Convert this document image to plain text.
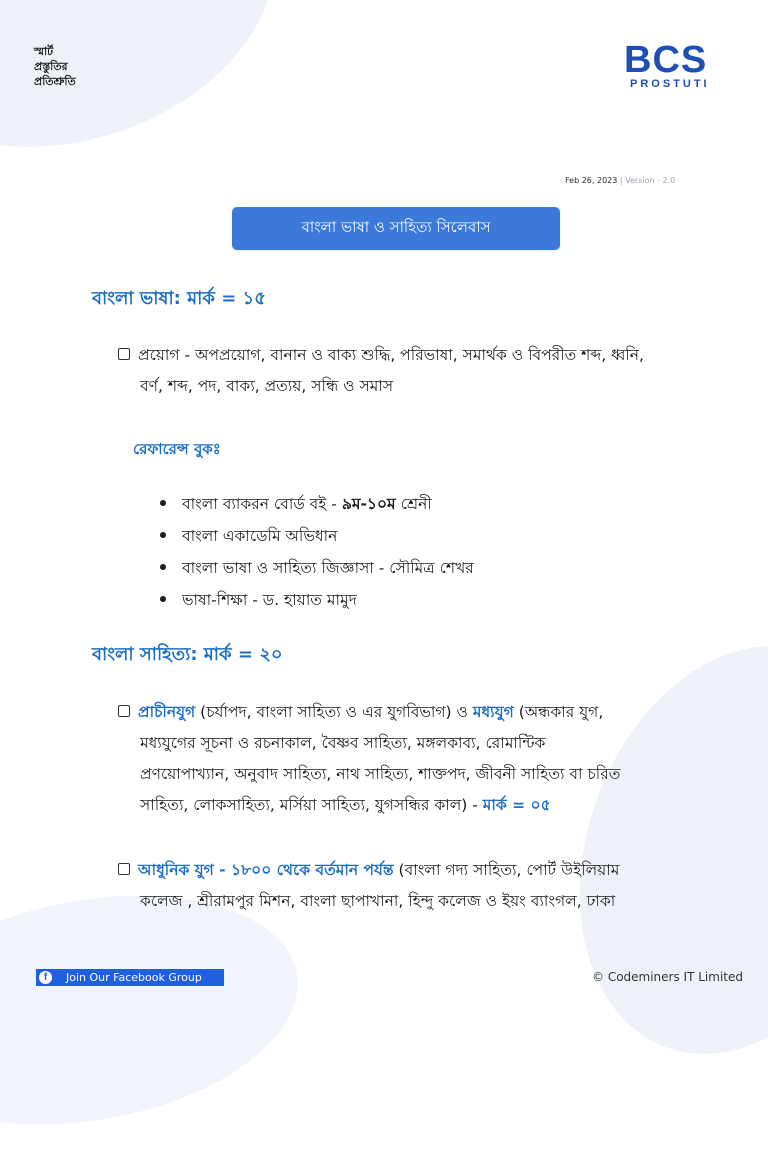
স্মার্ট
প্রস্তুতির
প্রতিশ্রুতি
BCS
PROSTUTI
Feb 26, 2023 | Version - 2.0
বাংলা ভাষা ও সাহিত্য সিলেবাস
বাংলা ভাষা: মার্ক = ১৫
প্রয়োগ - অপপ্রয়োগ, বানান ও বাক্য শুদ্ধি, পরিভাষা, সমার্থক ও বিপরীত শব্দ, ধ্বনি,
বর্ণ, শব্দ, পদ, বাক্য, প্রত্যয়, সন্ধি ও সমাস
রেফারেন্স বুকঃ
বাংলা ব্যাকরন বোর্ড বই - ৯ম-১০ম শ্রেনী
বাংলা একাডেমি অভিধান
বাংলা ভাষা ও সাহিত্য জিজ্ঞাসা - সৌমিত্র শেখর
ভাষা-শিক্ষা - ড. হায়াত মামুদ
বাংলা সাহিত্য: মার্ক = ২০
প্রাচীনযুগ (চর্যাপদ, বাংলা সাহিত্য ও এর যুগবিভাগ) ও মধ্যযুগ (অন্ধকার যুগ,
মধ্যযুগের সূচনা ও রচনাকাল, বৈষ্ণব সাহিত্য, মঙ্গলকাব্য, রোমান্টিক
প্রণয়োপাখ্যান, অনুবাদ সাহিত্য, নাথ সাহিত্য, শাক্তপদ, জীবনী সাহিত্য বা চরিত
সাহিত্য, লোকসাহিত্য, মর্সিয়া সাহিত্য, যুগসন্ধির কাল) - মার্ক = ০৫
আধুনিক যুগ - ১৮০০ থেকে বর্তমান পর্যন্ত (বাংলা গদ্য সাহিত্য, পোর্ট উইলিয়াম
কলেজ , শ্রীরামপুর মিশন, বাংলা ছাপাখানা, হিন্দু কলেজ ও ইয়ং ব্যাংগল, ঢাকা
f	Join Our Facebook Group	© Codeminers IT Limited
